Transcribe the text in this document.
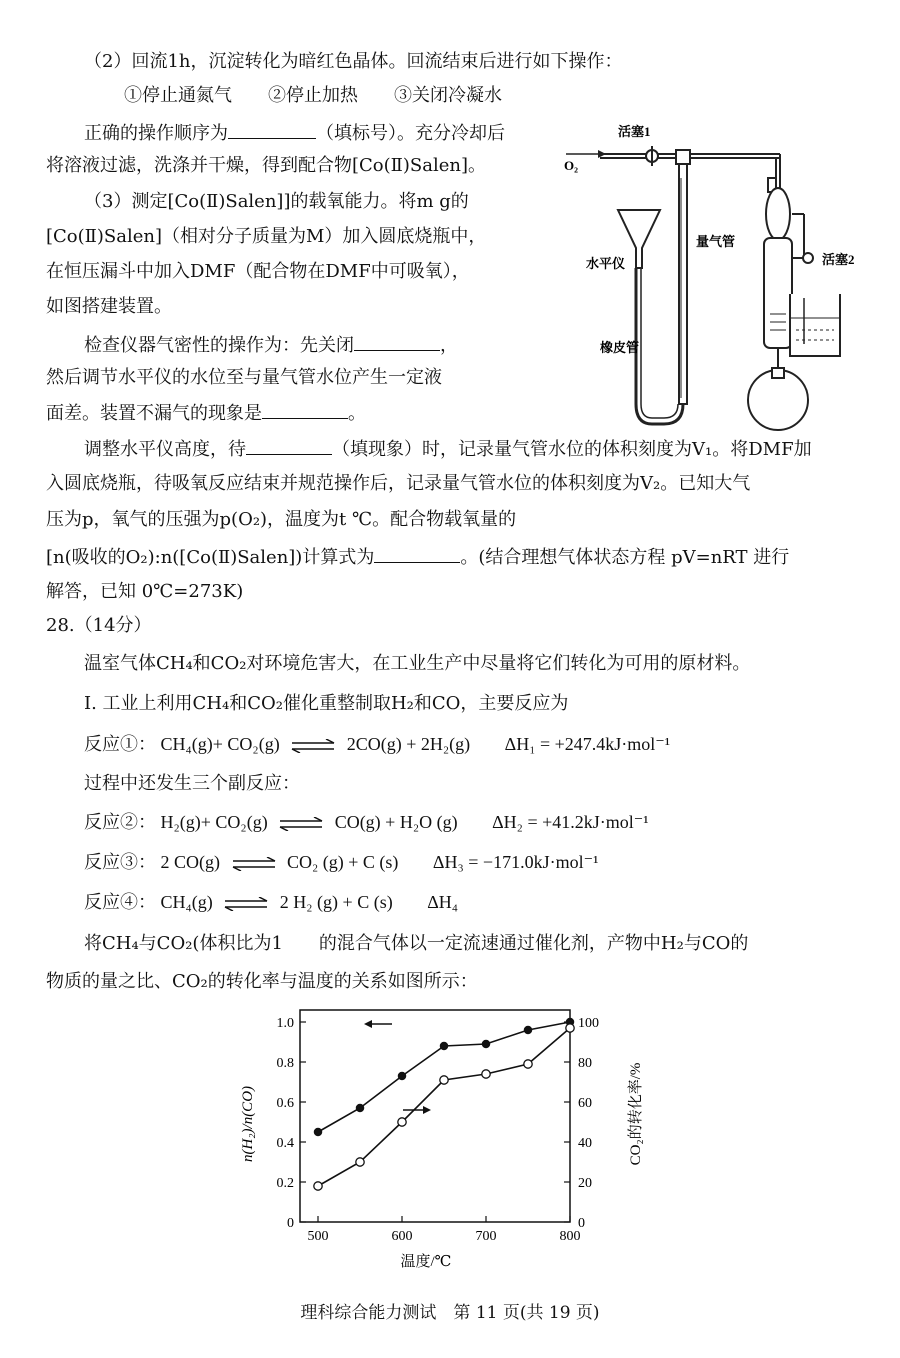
（2）回流1h，沉淀转化为暗红色晶体。回流结束后进行如下操作：
①停止通氮气　　②停止加热　　③关闭冷凝水
正确的操作顺序为	（填标号）。充分冷却后
将溶液过滤，洗涤并干燥，得到配合物[Co(Ⅱ)Salen]。
（3）测定[Co(Ⅱ)Salen]]的载氧能力。将m g的
[Co(Ⅱ)Salen]（相对分子质量为M）加入圆底烧瓶中，
在恒压漏斗中加入DMF（配合物在DMF中可吸氧），
如图搭建装置。
检查仪器气密性的操作为：先关闭	，
然后调节水平仪的水位至与量气管水位产生一定液
面差。装置不漏气的现象是	。
调整水平仪高度，待	（填现象）时，记录量气管水位的体积刻度为V₁。将DMF加
入圆底烧瓶，待吸氧反应结束并规范操作后，记录量气管水位的体积刻度为V₂。已知大气
压为p，氧气的压强为p(O₂)，温度为t ℃。配合物载氧量的
[n(吸收的O₂):n([Co(Ⅱ)Salen])计算式为	。(结合理想气体状态方程 pV=nRT 进行
解答，已知 0℃=273K)
O₂
活塞1
量气管
水平仪	活塞2
橡皮管
28.（14分）
温室气体CH₄和CO₂对环境危害大，在工业生产中尽量将它们转化为可用的原材料。
I. 工业上利用CH₄和CO₂催化重整制取H₂和CO，主要反应为
反应①： CH₄(g)+ CO₂(g) ⇌ 2CO(g) + 2H₂(g) ΔH₁ = +247.4kJ·mol⁻¹
过程中还发生三个副反应：
反应②： H₂(g)+ CO₂(g) ⇌ CO(g) + H₂O (g) ΔH₂ = +41.2kJ·mol⁻¹
反应③： 2 CO(g) ⇌ CO₂ (g) + C (s) ΔH₃ = −171.0kJ·mol⁻¹
反应④： CH₄(g) ⇌ 2 H₂ (g) + C (s) ΔH₄
将CH₄与CO₂(体积比为1　　的混合气体以一定流速通过催化剂，产物中H₂与CO的
物质的量之比、CO₂的转化率与温度的关系如图所示：
500	600	700	800
0
0.2
0.4
0.6
0.8
1.0
0
20
40
60
80
100
温度/℃
n(H₂)/n(CO)	CO₂的转化率/%
理科综合能力测试　第 11 页(共 19 页)
